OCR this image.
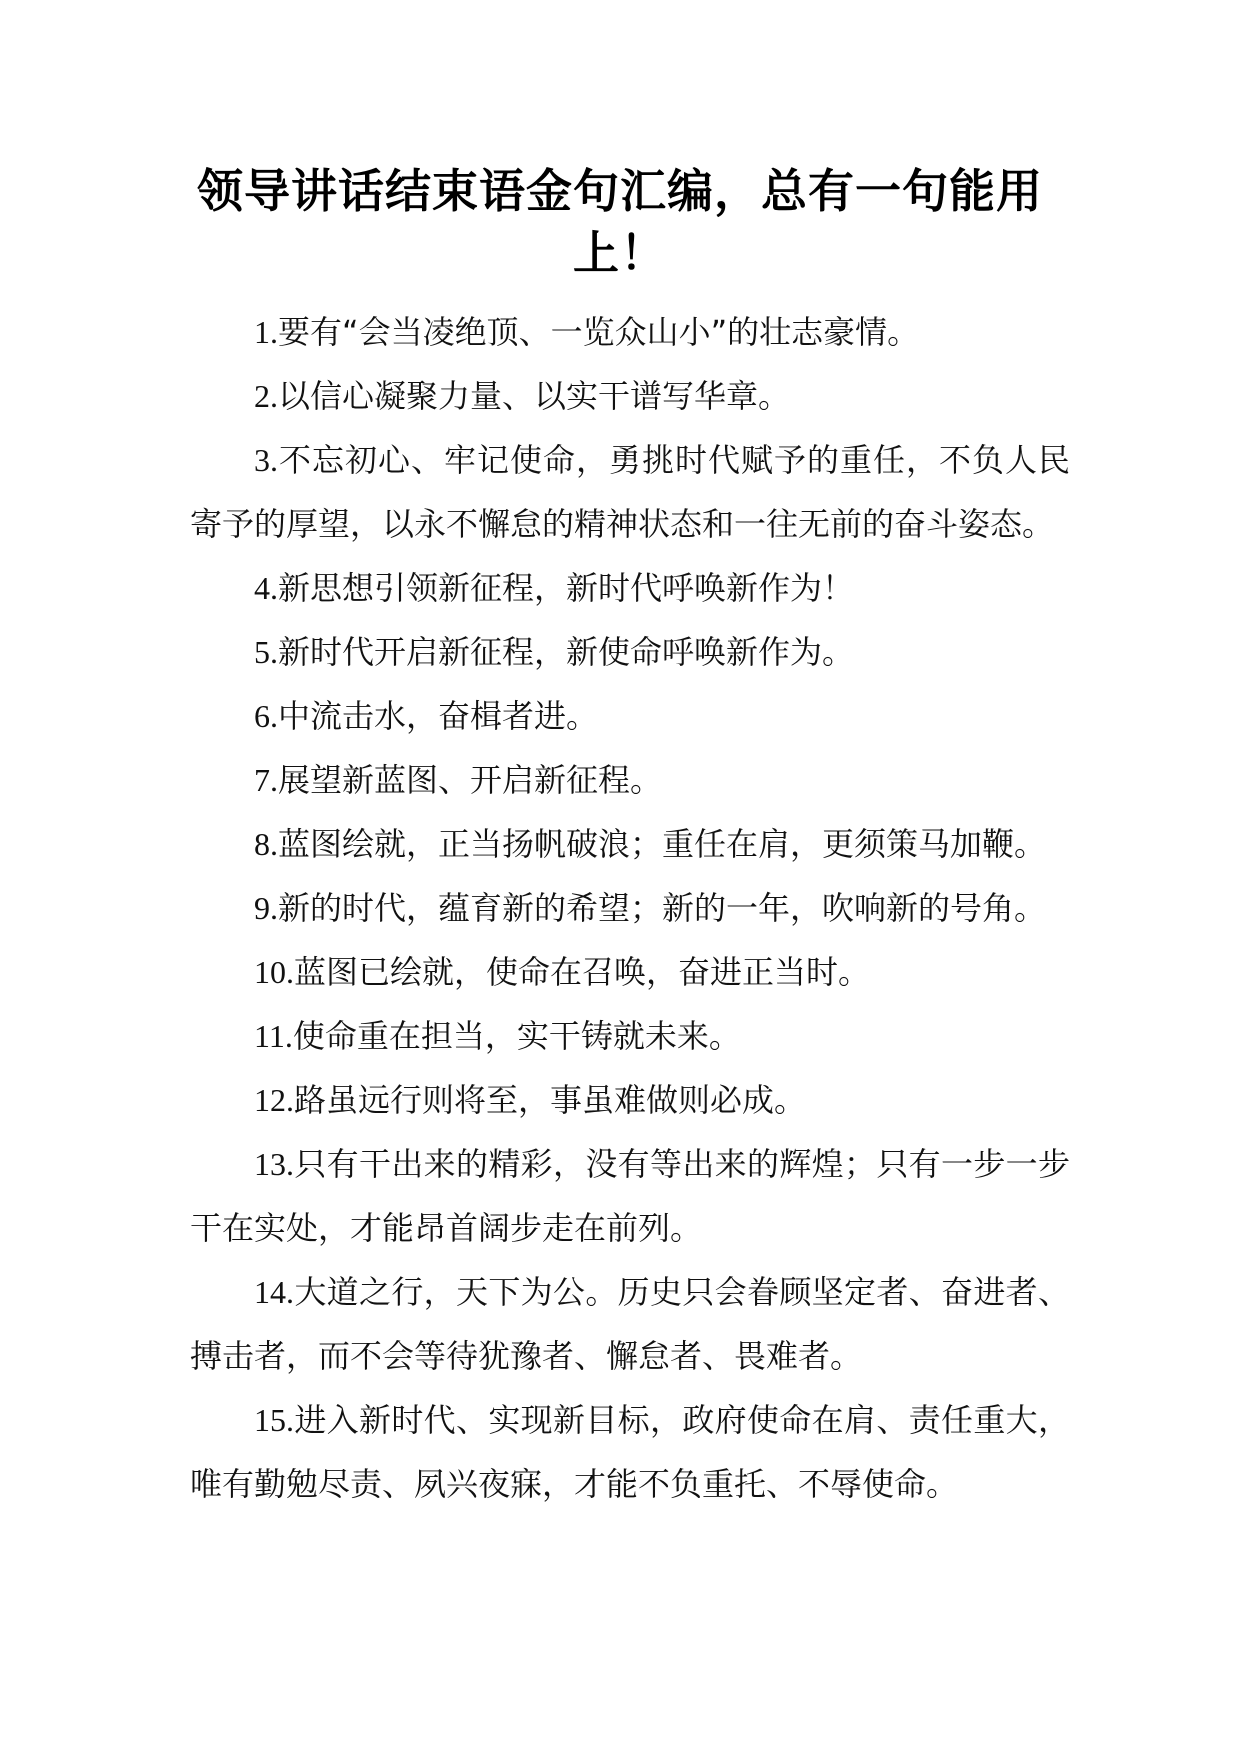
领导讲话结束语金句汇编，总有一句能用
上！

1.要有“会当凌绝顶、一览众山小”的壮志豪情。

2.以信心凝聚力量、以实干谱写华章。

3.不忘初心、牢记使命，勇挑时代赋予的重任，不负人民寄予的厚望，以永不懈怠的精神状态和一往无前的奋斗姿态。

4.新思想引领新征程，新时代呼唤新作为！

5.新时代开启新征程，新使命呼唤新作为。

6.中流击水，奋楫者进。

7.展望新蓝图、开启新征程。

8.蓝图绘就，正当扬帆破浪；重任在肩，更须策马加鞭。

9.新的时代，蕴育新的希望；新的一年，吹响新的号角。

10.蓝图已绘就，使命在召唤，奋进正当时。

11.使命重在担当，实干铸就未来。

12.路虽远行则将至，事虽难做则必成。

13.只有干出来的精彩，没有等出来的辉煌；只有一步一步干在实处，才能昂首阔步走在前列。

14.大道之行，天下为公。历史只会眷顾坚定者、奋进者、搏击者，而不会等待犹豫者、懈怠者、畏难者。

15.进入新时代、实现新目标，政府使命在肩、责任重大，唯有勤勉尽责、夙兴夜寐，才能不负重托、不辱使命。
